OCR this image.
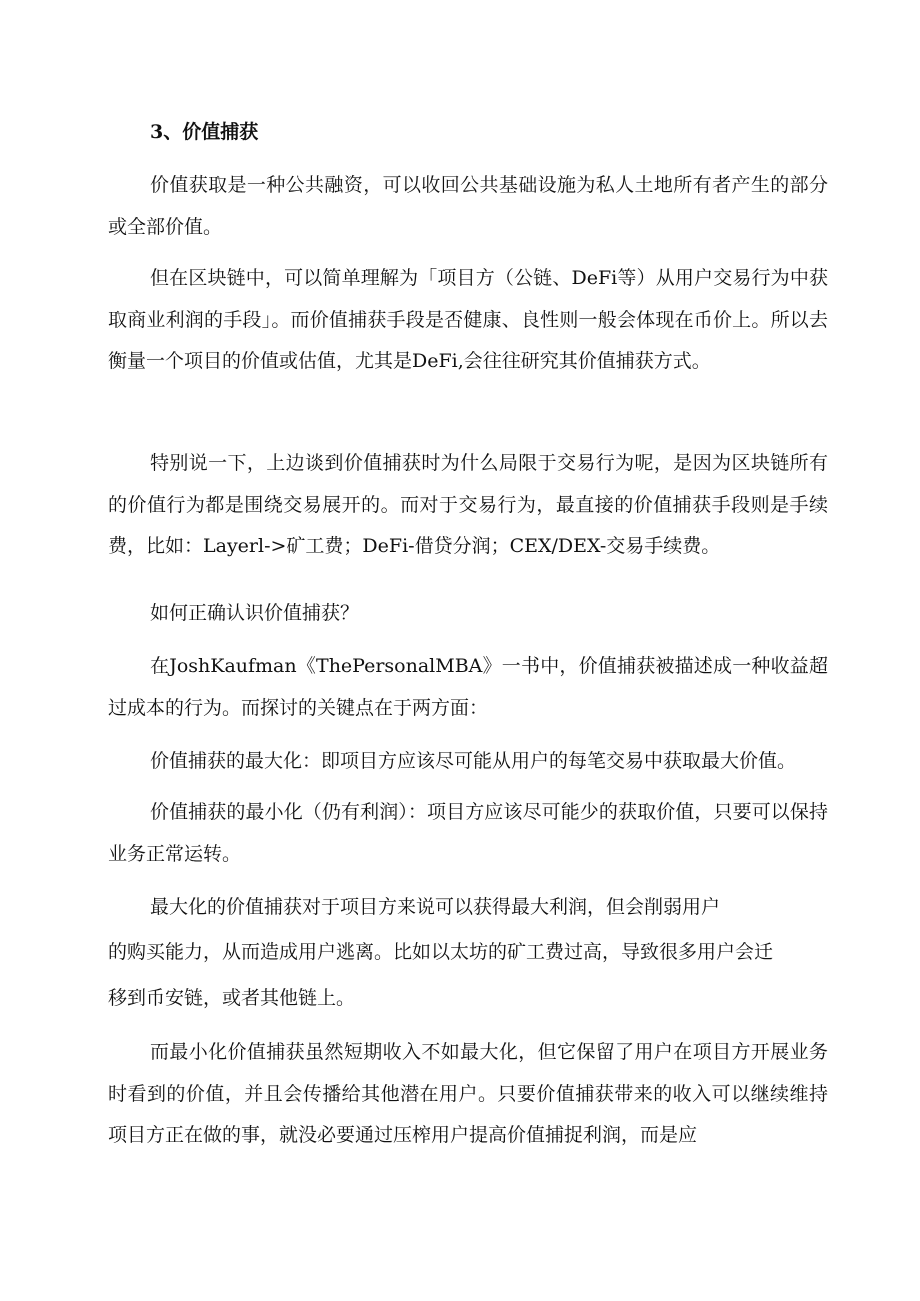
3、价值捕获

价值获取是一种公共融资，可以收回公共基础设施为私人土地所有者产生的部分或全部价值。

但在区块链中，可以简单理解为「项目方（公链、DeFi等）从用户交易行为中获取商业利润的手段」。而价值捕获手段是否健康、良性则一般会体现在币价上。所以去衡量一个项目的价值或估值，尤其是DeFi,会往往研究其价值捕获方式。

特别说一下，上边谈到价值捕获时为什么局限于交易行为呢，是因为区块链所有的价值行为都是围绕交易展开的。而对于交易行为，最直接的价值捕获手段则是手续费，比如：Layerl->矿工费；DeFi-借贷分润；CEX/DEX-交易手续费。

如何正确认识价值捕获？

在JoshKaufman《ThePersonalMBA》一书中，价值捕获被描述成一种收益超过成本的行为。而探讨的关键点在于两方面：

价值捕获的最大化：即项目方应该尽可能从用户的每笔交易中获取最大价值。

价值捕获的最小化（仍有利润）：项目方应该尽可能少的获取价值，只要可以保持业务正常运转。

最大化的价值捕获对于项目方来说可以获得最大利润，但会削弱用户
的购买能力，从而造成用户逃离。比如以太坊的矿工费过高，导致很多用户会迁
移到币安链，或者其他链上。

而最小化价值捕获虽然短期收入不如最大化，但它保留了用户在项目方开展业务时看到的价值，并且会传播给其他潜在用户。只要价值捕获带来的收入可以继续维持项目方正在做的事，就没必要通过压榨用户提高价值捕捉利润，而是应
